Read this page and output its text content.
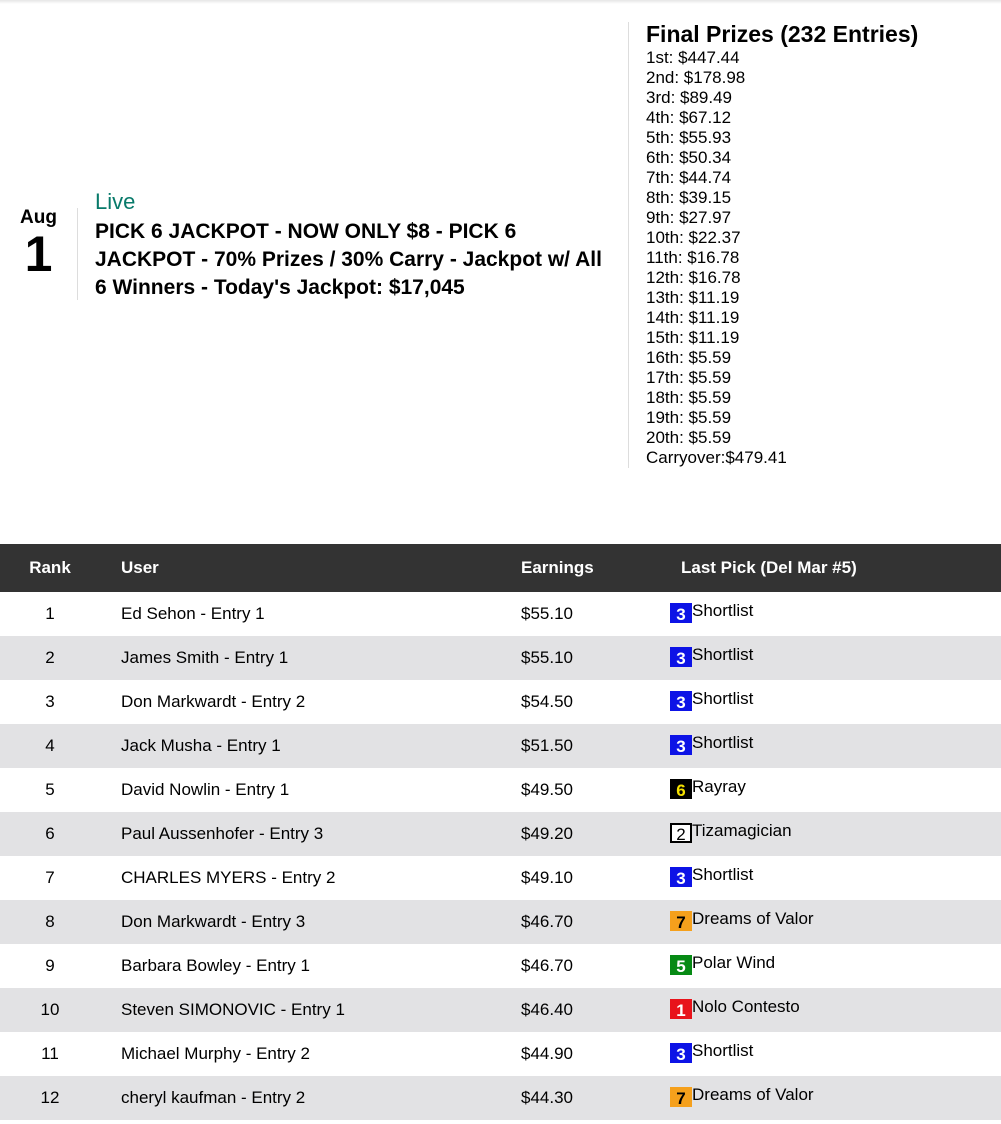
Aug
1
Live
PICK 6 JACKPOT - NOW ONLY $8 - PICK 6 JACKPOT - 70% Prizes / 30% Carry - Jackpot w/ All 6 Winners - Today's Jackpot: $17,045
Final Prizes (232 Entries)
1st: $447.44
2nd: $178.98
3rd: $89.49
4th: $67.12
5th: $55.93
6th: $50.34
7th: $44.74
8th: $39.15
9th: $27.97
10th: $22.37
11th: $16.78
12th: $16.78
13th: $11.19
14th: $11.19
15th: $11.19
16th: $5.59
17th: $5.59
18th: $5.59
19th: $5.59
20th: $5.59
Carryover:$479.41
Rank	User	Earnings	Last Pick (Del Mar #5)
1	Ed Sehon - Entry 1	$55.10	3 Shortlist

2	James Smith - Entry 1	$55.10	3 Shortlist

3	Don Markwardt - Entry 2	$54.50	3 Shortlist

4	Jack Musha - Entry 1	$51.50	3 Shortlist

5	David Nowlin - Entry 1	$49.50	6 Rayray

6	Paul Aussenhofer - Entry 3	$49.20	2 Tizamagician

7	CHARLES MYERS - Entry 2	$49.10	3 Shortlist

8	Don Markwardt - Entry 3	$46.70	7 Dreams of Valor

9	Barbara Bowley - Entry 1	$46.70	5 Polar Wind

10	Steven SIMONOVIC - Entry 1	$46.40	1 Nolo Contesto

11	Michael Murphy - Entry 2	$44.90	3 Shortlist

12	cheryl kaufman - Entry 2	$44.30	7 Dreams of Valor
